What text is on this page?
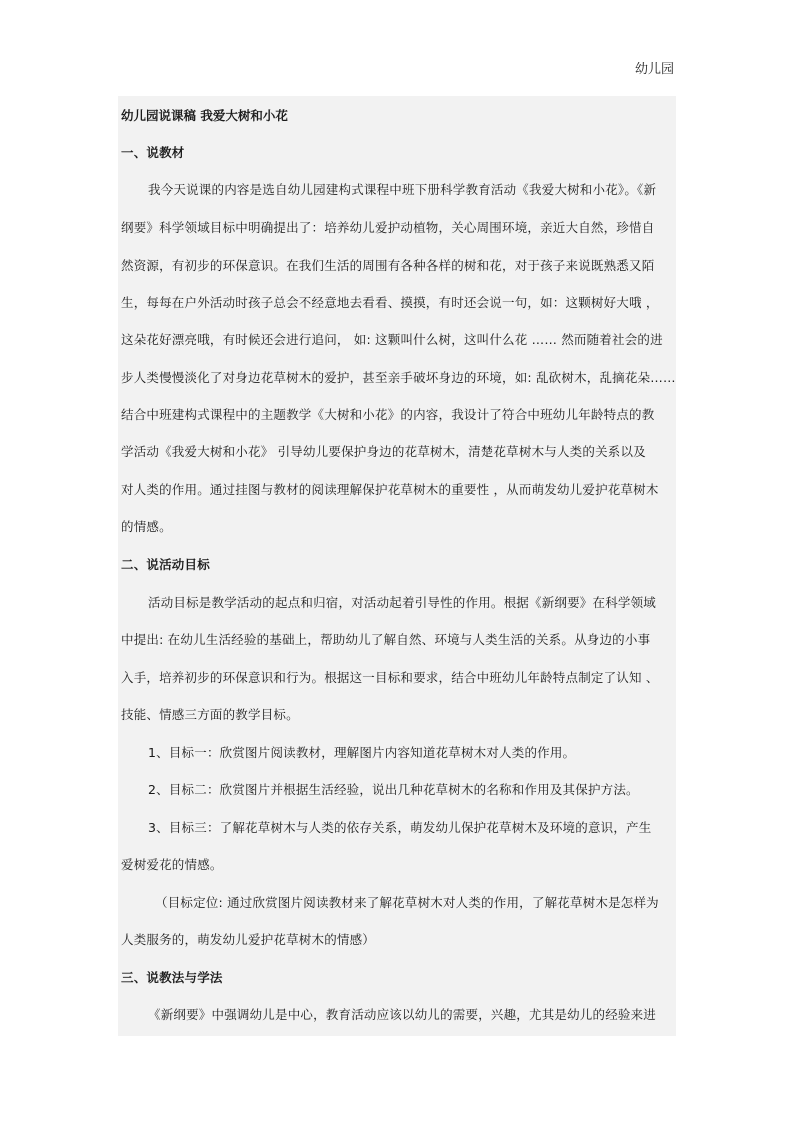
幼儿园
幼儿园说课稿 我爱大树和小花
一、说教材
我今天说课的内容是选自幼儿园建构式课程中班下册科学教育活动《我爱大树和小花》。《新
纲要》科学领域目标中明确提出了：培养幼儿爱护动植物，关心周围环境，亲近大自然，珍惜自
然资源，有初步的环保意识。在我们生活的周围有各种各样的树和花，对于孩子来说既熟悉又陌
生，每每在户外活动时孩子总会不经意地去看看、摸摸，有时还会说一句，如：这颗树好大哦 ，
这朵花好漂亮哦，有时候还会进行追问， 如: 这颗叫什么树，这叫什么花 …… 然而随着社会的进
步人类慢慢淡化了对身边花草树木的爱护，甚至亲手破坏身边的环境，如: 乱砍树木，乱摘花朵……
结合中班建构式课程中的主题教学《大树和小花》的内容，我设计了符合中班幼儿年龄特点的教
学活动《我爱大树和小花》 引导幼儿要保护身边的花草树木，清楚花草树木与人类的关系以及
对人类的作用。通过挂图与教材的阅读理解保护花草树木的重要性 ，从而萌发幼儿爱护花草树木
的情感。
二、说活动目标
活动目标是教学活动的起点和归宿，对活动起着引导性的作用。根据《新纲要》在科学领域
中提出: 在幼儿生活经验的基础上，帮助幼儿了解自然、环境与人类生活的关系。从身边的小事
入手，培养初步的环保意识和行为。根据这一目标和要求，结合中班幼儿年龄特点制定了认知 、
技能、情感三方面的教学目标。
1、目标一：欣赏图片阅读教材，理解图片内容知道花草树木对人类的作用。
2、目标二：欣赏图片并根据生活经验，说出几种花草树木的名称和作用及其保护方法。
3、目标三：了解花草树木与人类的依存关系，萌发幼儿保护花草树木及环境的意识，产生
爱树爱花的情感。
（目标定位: 通过欣赏图片阅读教材来了解花草树木对人类的作用，了解花草树木是怎样为
人类服务的，萌发幼儿爱护花草树木的情感）
三、说教法与学法
《新纲要》中强调幼儿是中心，教育活动应该以幼儿的需要，兴趣，尤其是幼儿的经验来进
